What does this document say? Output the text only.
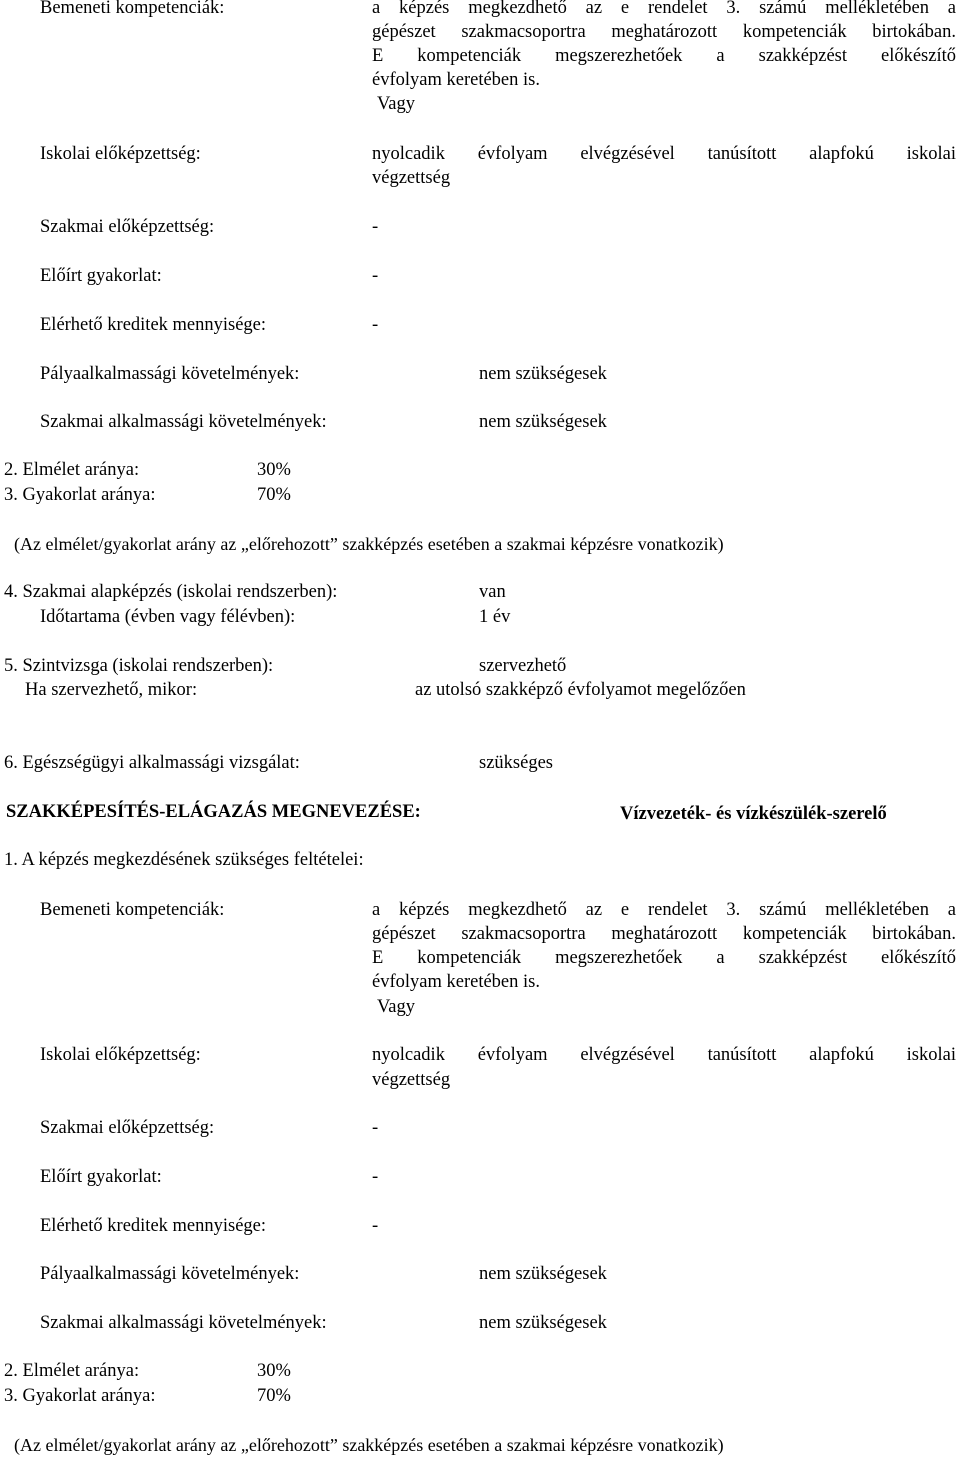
Bemeneti kompetenciák:	a képzés megkezdhető az e rendelet 3. számú mellékletében a
gépészet szakmacsoportra meghatározott kompetenciák birtokában.
E kompetenciák megszerezhetőek a szakképzést előkészítő
évfolyam keretében is.
Vagy
Iskolai előképzettség:	nyolcadik évfolyam elvégzésével tanúsított alapfokú iskolai
végzettség
Szakmai előképzettség:	-
Előírt gyakorlat:	-
Elérhető kreditek mennyisége:	-
Pályaalkalmassági követelmények:	nem szükségesek
Szakmai alkalmassági követelmények:	nem szükségesek
2. Elmélet aránya:	30%
3. Gyakorlat aránya:	70%
(Az elmélet/gyakorlat arány az „előrehozott” szakképzés esetében a szakmai képzésre vonatkozik)
4. Szakmai alapképzés (iskolai rendszerben):	van
Időtartama (évben vagy félévben):	1 év
5. Szintvizsga (iskolai rendszerben):	szervezhető
Ha szervezhető, mikor:	az utolsó szakképző évfolyamot megelőzően
6. Egészségügyi alkalmassági vizsgálat:	szükséges
SZAKKÉPESÍTÉS-ELÁGAZÁS MEGNEVEZÉSE:	Vízvezeték- és vízkészülék-szerelő
1. A képzés megkezdésének szükséges feltételei:
Bemeneti kompetenciák:	a képzés megkezdhető az e rendelet 3. számú mellékletében a
gépészet szakmacsoportra meghatározott kompetenciák birtokában.
E kompetenciák megszerezhetőek a szakképzést előkészítő
évfolyam keretében is.
Vagy
Iskolai előképzettség:	nyolcadik évfolyam elvégzésével tanúsított alapfokú iskolai
végzettség
Szakmai előképzettség:	-
Előírt gyakorlat:	-
Elérhető kreditek mennyisége:	-
Pályaalkalmassági követelmények:	nem szükségesek
Szakmai alkalmassági követelmények:	nem szükségesek
2. Elmélet aránya:	30%
3. Gyakorlat aránya:	70%
(Az elmélet/gyakorlat arány az „előrehozott” szakképzés esetében a szakmai képzésre vonatkozik)
